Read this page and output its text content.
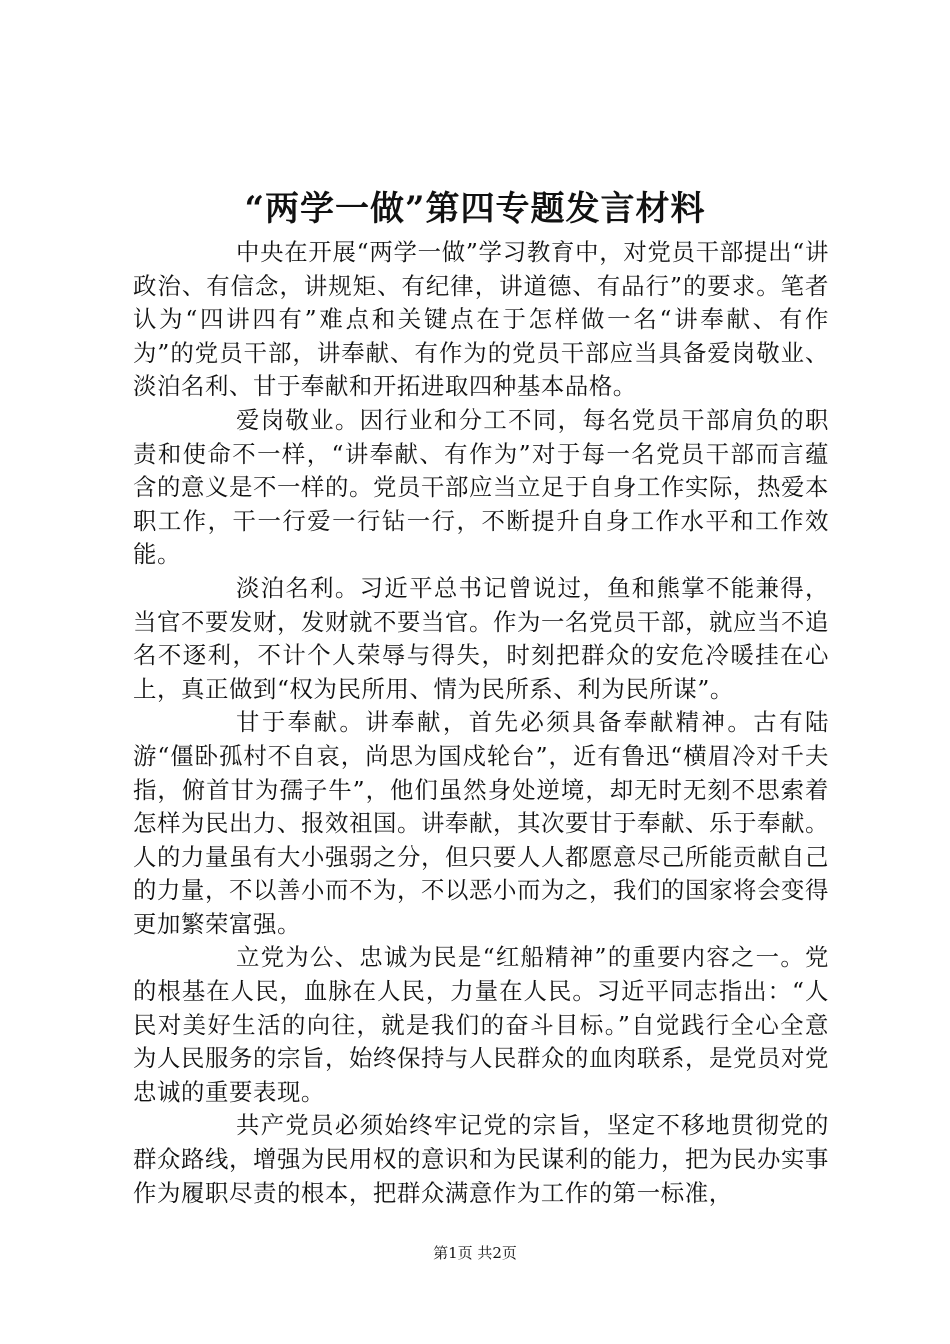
“两学一做”第四专题发言材料

中央在开展“两学一做”学习教育中，对党员干部提出“讲政治、有信念，讲规矩、有纪律，讲道德、有品行”的要求。笔者认为“四讲四有”难点和关键点在于怎样做一名“讲奉献、有作为”的党员干部，讲奉献、有作为的党员干部应当具备爱岗敬业、淡泊名利、甘于奉献和开拓进取四种基本品格。

爱岗敬业。因行业和分工不同，每名党员干部肩负的职责和使命不一样，“讲奉献、有作为”对于每一名党员干部而言蕴含的意义是不一样的。党员干部应当立足于自身工作实际，热爱本职工作，干一行爱一行钻一行，不断提升自身工作水平和工作效能。

淡泊名利。习近平总书记曾说过，鱼和熊掌不能兼得，当官不要发财，发财就不要当官。作为一名党员干部，就应当不追名不逐利，不计个人荣辱与得失，时刻把群众的安危冷暖挂在心上，真正做到“权为民所用、情为民所系、利为民所谋”。

甘于奉献。讲奉献，首先必须具备奉献精神。古有陆游“僵卧孤村不自哀，尚思为国戍轮台”，近有鲁迅“横眉冷对千夫指，俯首甘为孺子牛”，他们虽然身处逆境，却无时无刻不思索着怎样为民出力、报效祖国。讲奉献，其次要甘于奉献、乐于奉献。人的力量虽有大小强弱之分，但只要人人都愿意尽己所能贡献自己的力量，不以善小而不为，不以恶小而为之，我们的国家将会变得更加繁荣富强。

立党为公、忠诚为民是“红船精神”的重要内容之一。党的根基在人民，血脉在人民，力量在人民。习近平同志指出：“人民对美好生活的向往，就是我们的奋斗目标。”自觉践行全心全意为人民服务的宗旨，始终保持与人民群众的血肉联系，是党员对党忠诚的重要表现。

共产党员必须始终牢记党的宗旨，坚定不移地贯彻党的群众路线，增强为民用权的意识和为民谋利的能力，把为民办实事作为履职尽责的根本，把群众满意作为工作的第一标准，

第1页 共2页
